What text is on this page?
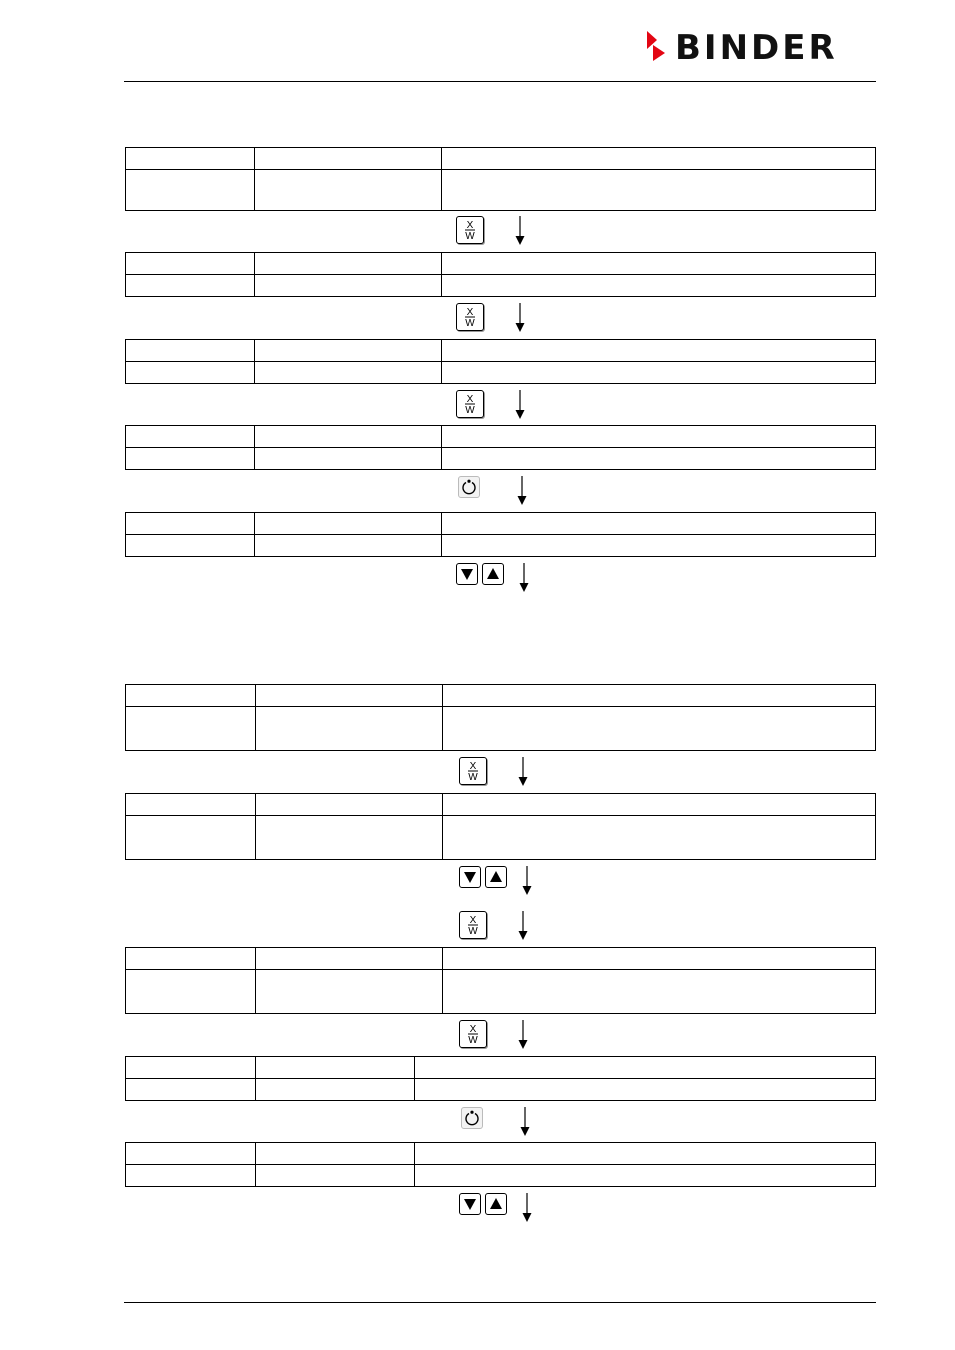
BINDER

X
W

X
W

X
W

X
W

X
W

X
W
